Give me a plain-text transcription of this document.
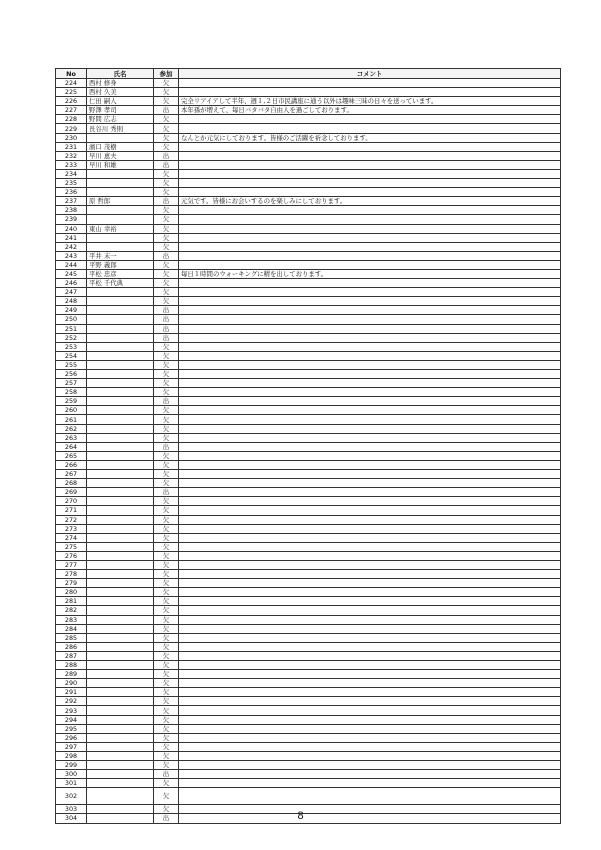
No	氏名	参加	コメント
224	西村 修身	欠	
225	西村 久美	欠	
226	仁田 嗣人	欠	完全リアイアして半年、週１,２日市民講座に通う以外は趣味三昧の日々を送っています。
227	野澤 孝司	出	本年孫が増えて、毎日バタバタ自由人を過ごしております。
228	野間 広志	欠	
229	長谷川 秀則	欠	
230		欠	なんとか元気にしております。皆様のご活躍を祈念しております。
231	濱口 茂樹	欠	
232	早川 恵夫	出	
233	早川 和雄	出	
234		欠	
235		欠	
236		欠	
237	原 哲郎	出	元気です。皆様にお会いするのを楽しみにしております。
238		欠	
239		欠	
240	東山 幸裕	欠	
241		欠	
242		欠	
243	平井 末一	出	
244	平野 義郎	欠	
245	平松 忠彦	欠	毎日１時間のウォーキングに精を出しております。
246	平松 千代典	欠	
247		欠	
248		欠	
249		出	
250		出	
251		出	
252		出	
253		欠	
254		欠	
255		欠	
256		欠	
257		欠	
258		欠	
259		出	
260		欠	
261		欠	
262		欠	
263		欠	
264		出	
265		欠	
266		欠	
267		欠	
268		欠	
269		出	
270		欠	
271		欠	
272		欠	
273		欠	
274		欠	
275		欠	
276		欠	
277		欠	
278		欠	
279		欠	
280		欠	
281		欠	
282		欠	
283		欠	
284		欠	
285		欠	
286		欠	
287		欠	
288		欠	
289		欠	
290		欠	
291		欠	
292		欠	
293		欠	
294		欠	
295		欠	
296		欠	
297		欠	
298		欠	
299		欠	
300		出	
301		欠	
302		欠	
303		欠	
304		出		8
